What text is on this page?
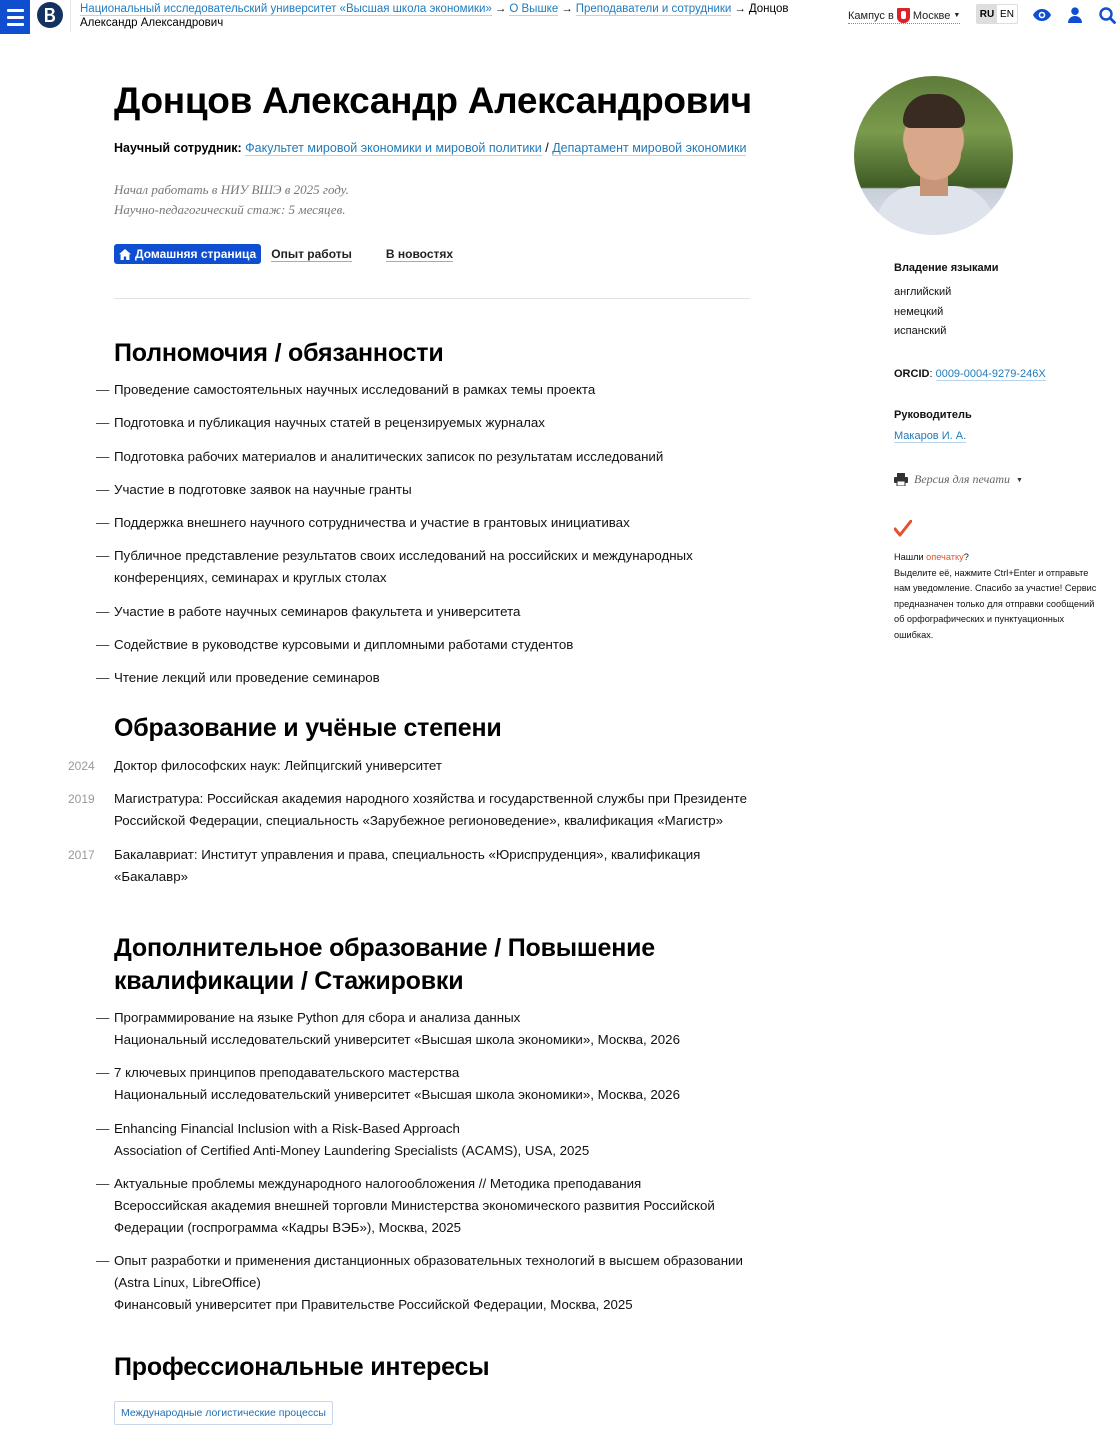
Национальный исследовательский университет «Высшая школа экономики» → О Вышке → Преподаватели и сотрудники → Донцов Александр Александрович
Кампус в Москве ▼ RU EN
Донцов Александр Александрович
Научный сотрудник: Факультет мировой экономики и мировой политики / Департамент мировой экономики
Начал работать в НИУ ВШЭ в 2025 году.
Научно-педагогический стаж: 5 месяцев.
Домашняя страница Опыт работы	В новостях
Полномочия / обязанности
— Проведение самостоятельных научных исследований в рамках темы проекта
— Подготовка и публикация научных статей в рецензируемых журналах
— Подготовка рабочих материалов и аналитических записок по результатам исследований
— Участие в подготовке заявок на научные гранты
— Поддержка внешнего научного сотрудничества и участие в грантовых инициативах
— Публичное представление результатов своих исследований на российских и международных конференциях, семинарах и круглых столах
— Участие в работе научных семинаров факультета и университета
— Содействие в руководстве курсовыми и дипломными работами студентов
— Чтение лекций или проведение семинаров
Образование и учёные степени
2024	Доктор философских наук: Лейпцигский университет
2019	Магистратура: Российская академия народного хозяйства и государственной службы при Президенте Российской Федерации, специальность «Зарубежное регионоведение», квалификация «Магистр»
2017	Бакалавриат: Институт управления и права, специальность «Юриспруденция», квалификация «Бакалавр»
Дополнительное образование / Повышение
квалификации / Стажировки
— Программирование на языке Python для сбора и анализа данных
Национальный исследовательский университет «Высшая школа экономики», Москва, 2026
— 7 ключевых принципов преподавательского мастерства
Национальный исследовательский университет «Высшая школа экономики», Москва, 2026
— Enhancing Financial Inclusion with a Risk-Based Approach
Association of Certified Anti-Money Laundering Specialists (ACAMS), USA, 2025
— Актуальные проблемы международного налогообложения // Методика преподавания
Всероссийская академия внешней торговли Министерства экономического развития Российской Федерации (госпрограмма «Кадры ВЭБ»), Москва, 2025
— Опыт разработки и применения дистанционных образовательных технологий в высшем образовании (Astra Linux, LibreOffice)
Финансовый университет при Правительстве Российской Федерации, Москва, 2025
Профессиональные интересы
Международные логистические процессы
Владение языками
английский
немецкий
испанский
ORCID: 0009-0004-9279-246X
Руководитель
Макаров И. А.
Версия для печати ▼
Нашли опечатку?
Выделите её, нажмите Ctrl+Enter и отправьте нам уведомление. Спасибо за участие! Сервис предназначен только для отправки сообщений об орфографических и пунктуационных ошибках.
